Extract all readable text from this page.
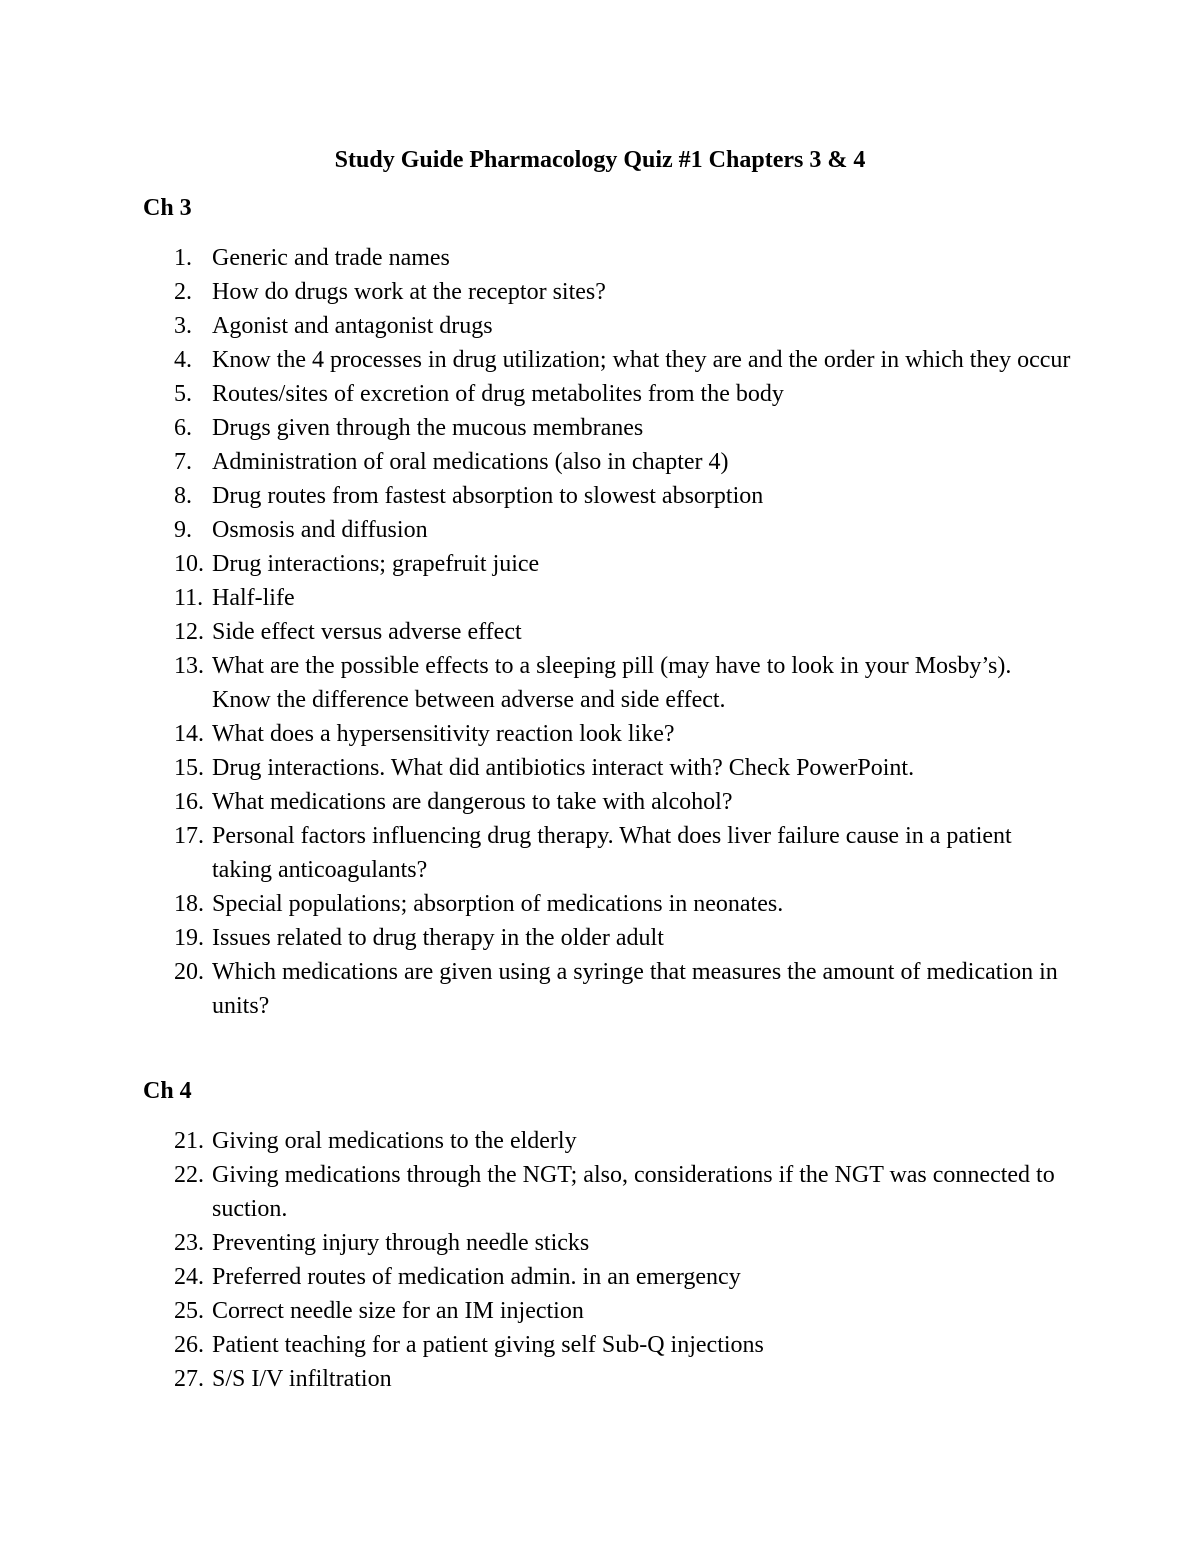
Study Guide Pharmacology Quiz #1 Chapters 3 & 4
Ch 3
1. Generic and trade names
2. How do drugs work at the receptor sites?
3. Agonist and antagonist drugs
4. Know the 4 processes in drug utilization; what they are and the order in which they occur
5. Routes/sites of excretion of drug metabolites from the body
6. Drugs given through the mucous membranes
7. Administration of oral medications (also in chapter 4)
8. Drug routes from fastest absorption to slowest absorption
9. Osmosis and diffusion
10. Drug interactions; grapefruit juice
11. Half-life
12. Side effect versus adverse effect
13. What are the possible effects to a sleeping pill (may have to look in your Mosby’s). Know the difference between adverse and side effect.
14. What does a hypersensitivity reaction look like?
15. Drug interactions. What did antibiotics interact with? Check PowerPoint.
16. What medications are dangerous to take with alcohol?
17. Personal factors influencing drug therapy. What does liver failure cause in a patient taking anticoagulants?
18. Special populations; absorption of medications in neonates.
19. Issues related to drug therapy in the older adult
20. Which medications are given using a syringe that measures the amount of medication in units?
Ch 4
21. Giving oral medications to the elderly
22. Giving medications through the NGT; also, considerations if the NGT was connected to suction.
23. Preventing injury through needle sticks
24. Preferred routes of medication admin. in an emergency
25. Correct needle size for an IM injection
26. Patient teaching for a patient giving self Sub-Q injections
27. S/S I/V infiltration
